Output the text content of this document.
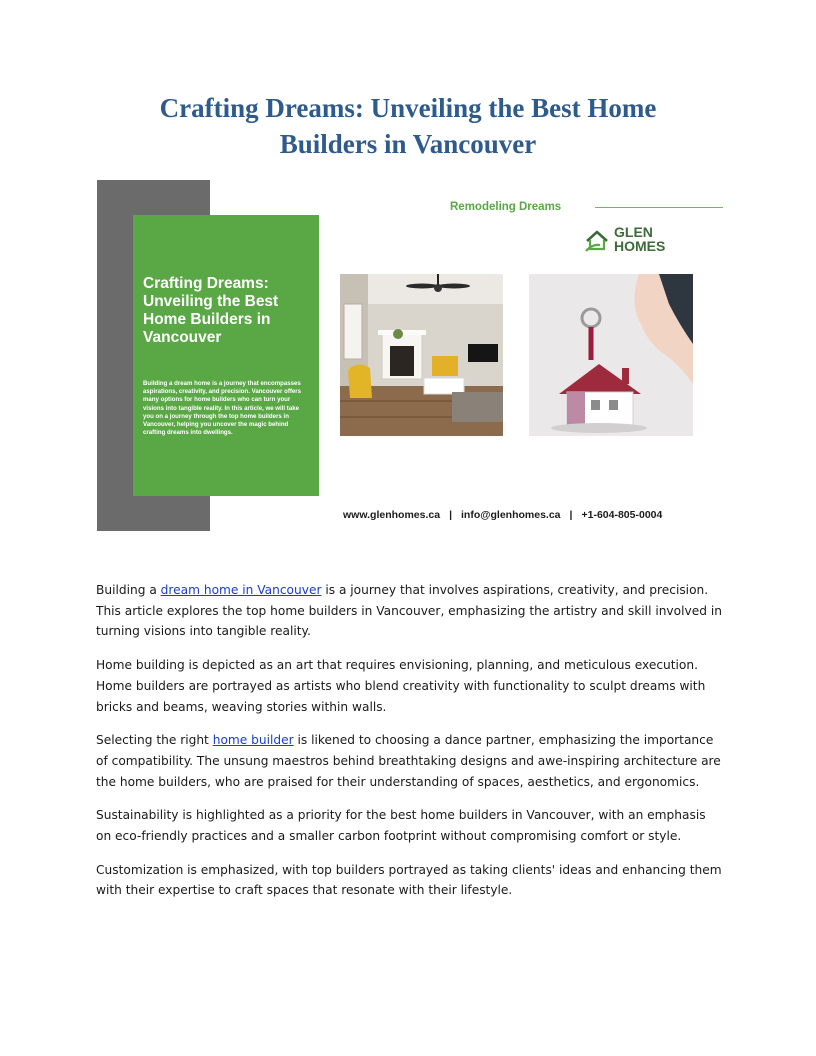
Crafting Dreams: Unveiling the Best Home
Builders in Vancouver
Crafting Dreams:
Unveiling the Best
Home Builders in
Vancouver
Building a dream home is a journey that encompasses aspirations, creativity, and precision. Vancouver offers many options for home builders who can turn your visions into tangible reality. In this article, we will take you on a journey through the top home builders in Vancouver, helping you uncover the magic behind crafting dreams into dwellings.
Remodeling Dreams
GLEN
HOMES
www.glenhomes.ca | info@glenhomes.ca | +1-604-805-0004

Building a dream home in Vancouver is a journey that involves aspirations, creativity, and precision. This article explores the top home builders in Vancouver, emphasizing the artistry and skill involved in turning visions into tangible reality.

Home building is depicted as an art that requires envisioning, planning, and meticulous execution. Home builders are portrayed as artists who blend creativity with functionality to sculpt dreams with bricks and beams, weaving stories within walls.

Selecting the right home builder is likened to choosing a dance partner, emphasizing the importance of compatibility. The unsung maestros behind breathtaking designs and awe-inspiring architecture are the home builders, who are praised for their understanding of spaces, aesthetics, and ergonomics.

Sustainability is highlighted as a priority for the best home builders in Vancouver, with an emphasis on eco-friendly practices and a smaller carbon footprint without compromising comfort or style.

Customization is emphasized, with top builders portrayed as taking clients' ideas and enhancing them with their expertise to craft spaces that resonate with their lifestyle.
